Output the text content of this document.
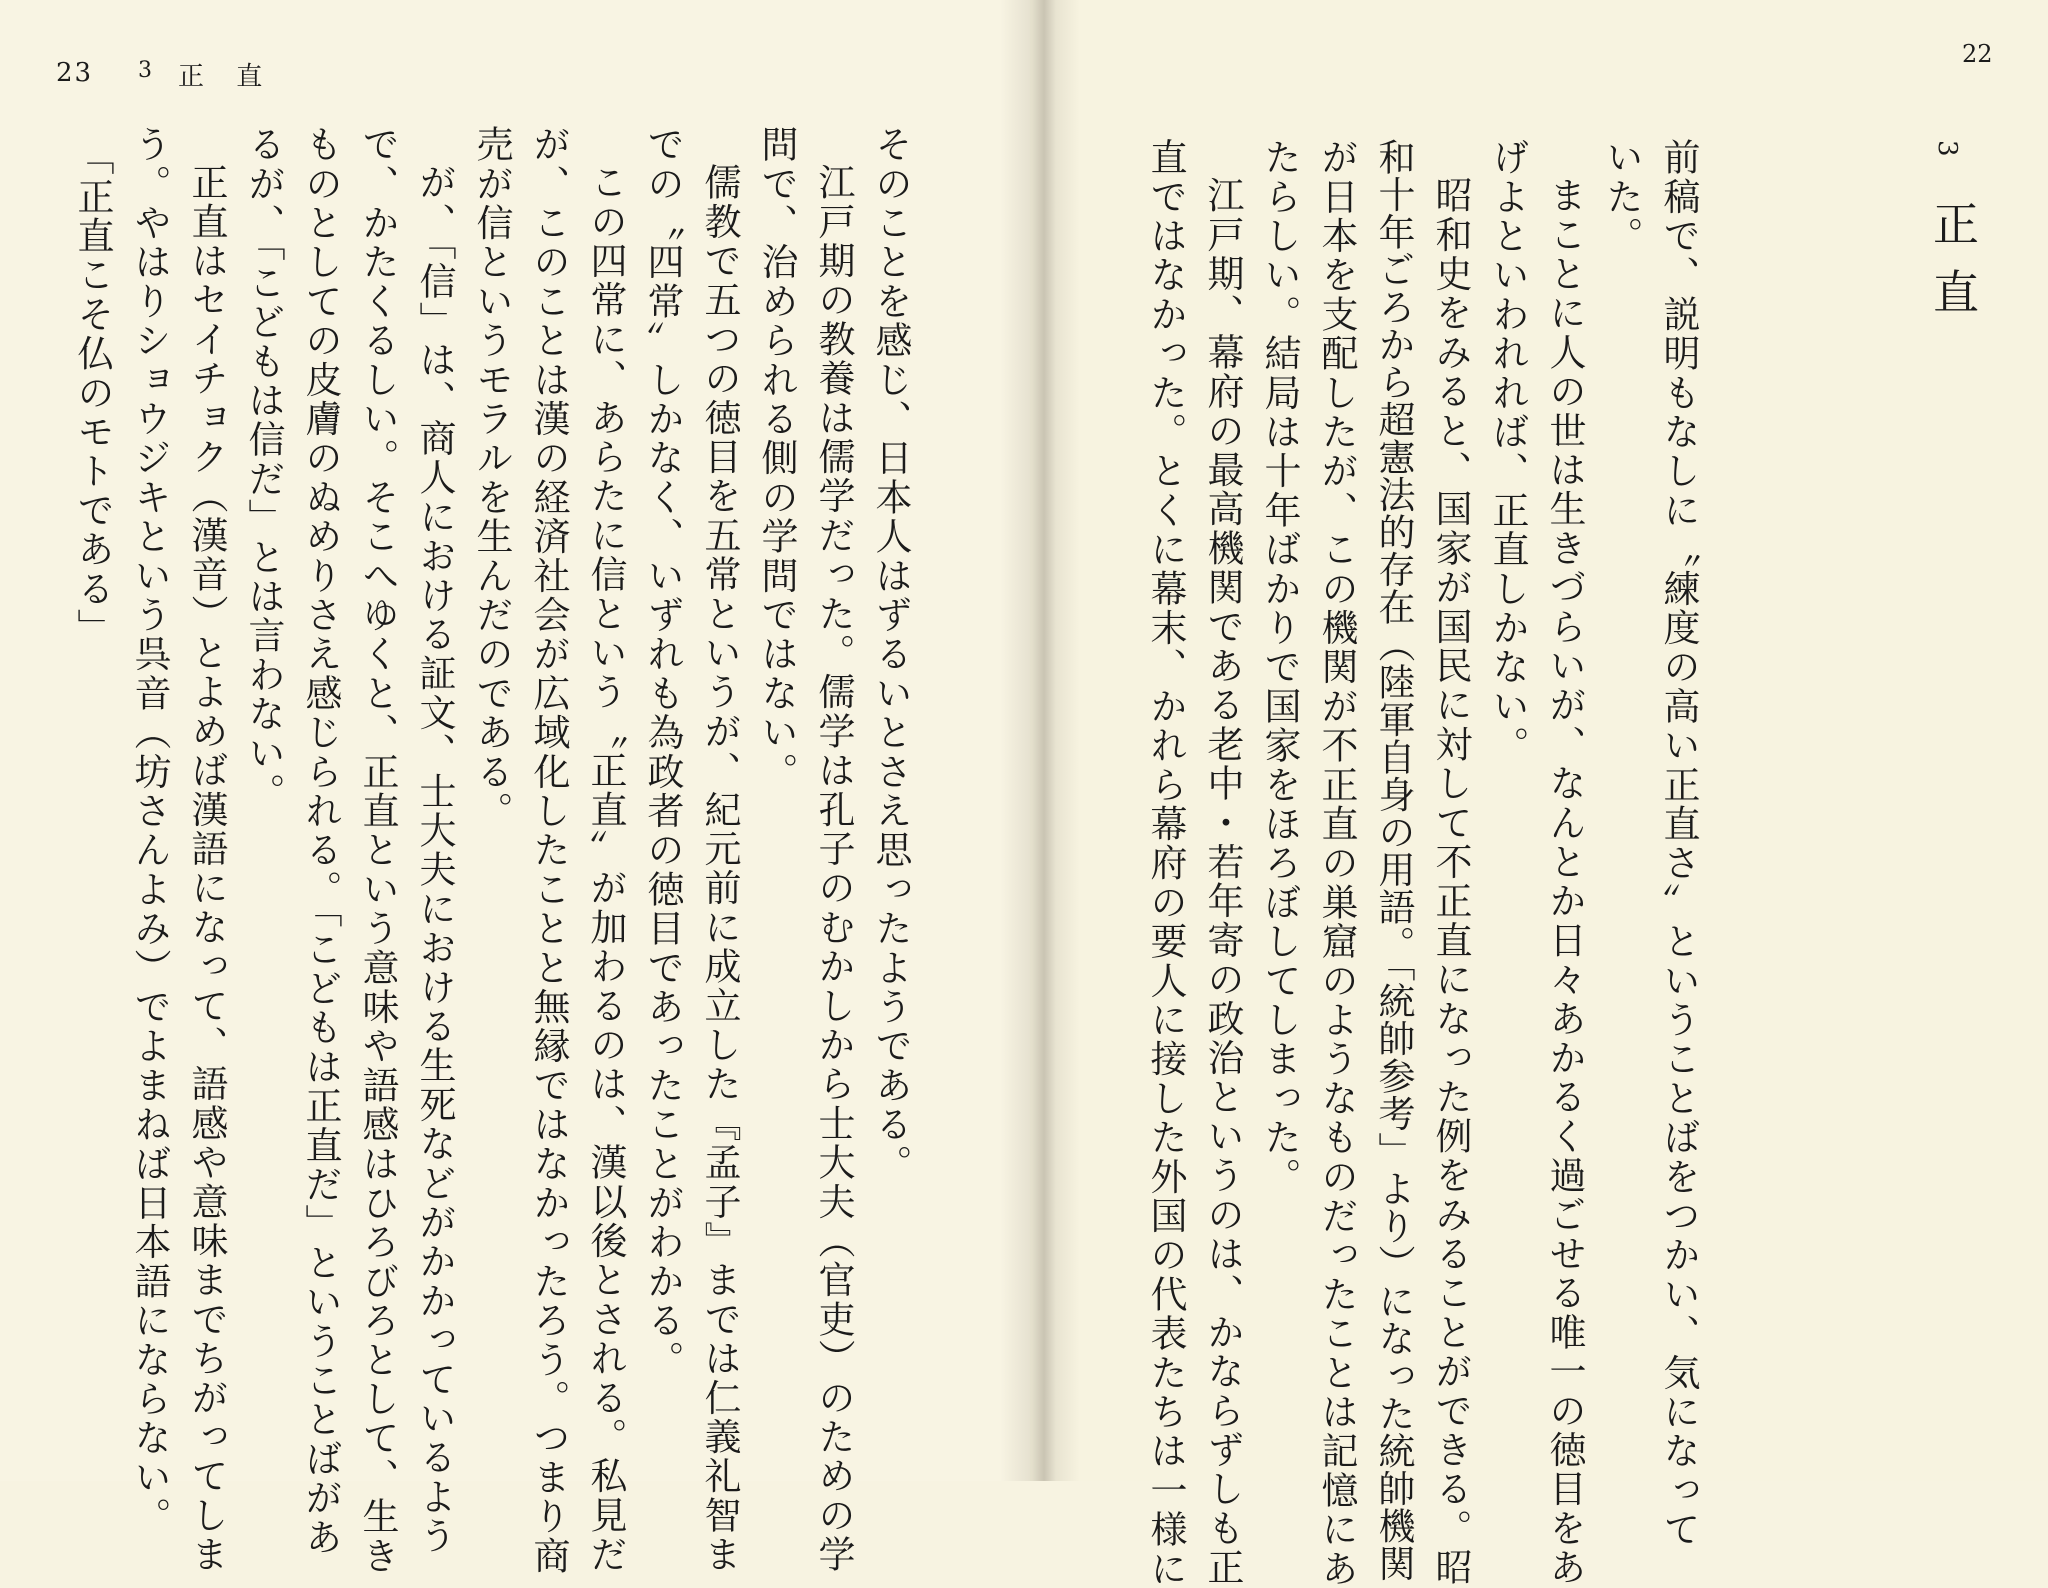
23 3 正 直
そのことを感じ、日本人はずるいとさえ思ったようである。
江戸期の教養は儒学だった。儒学は孔子のむかしから士大夫（官吏）のための学
問で、治められる側の学問ではない。
儒教で五つの徳目を五常というが、紀元前に成立した『孟子』までは仁義礼智ま
での〝四常〟しかなく、いずれも為政者の徳目であったことがわかる。
この四常に、あらたに信という〝正直〟が加わるのは、漢以後とされる。私見だ
が、このことは漢の経済社会が広域化したことと無縁ではなかったろう。つまり商
売が信というモラルを生んだのである。
が、「信」は、商人における証文、士大夫における生死などがかかっているよう
で、かたくるしい。そこへゆくと、正直という意味や語感はひろびろとして、生き
ものとしての皮膚のぬめりさえ感じられる。「こどもは正直だ」ということばがあ
るが、「こどもは信だ」とは言わない。
正直はセイチョク（漢音）とよめば漢語になって、語感や意味までちがってしま
う。やはりショウジキという呉音（坊さんよみ）でよまねば日本語にならない。
「正直こそ仏のモトである」
22
3
正直
前稿で、説明もなしに〝練度の高い正直さ〟ということばをつかい、気になって
いた。
まことに人の世は生きづらいが、なんとか日々あかるく過ごせる唯一の徳目をあ
げよといわれれば、正直しかない。
昭和史をみると、国家が国民に対して不正直になった例をみることができる。昭
和十年ごろから超憲法的存在（陸軍自身の用語。「統帥参考」より）になった統帥機関
が日本を支配したが、この機関が不正直の巣窟のようなものだったことは記憶にあ
たらしい。結局は十年ばかりで国家をほろぼしてしまった。
江戸期、幕府の最高機関である老中・若年寄の政治というのは、かならずしも正
直ではなかった。とくに幕末、かれら幕府の要人に接した外国の代表たちは一様に
